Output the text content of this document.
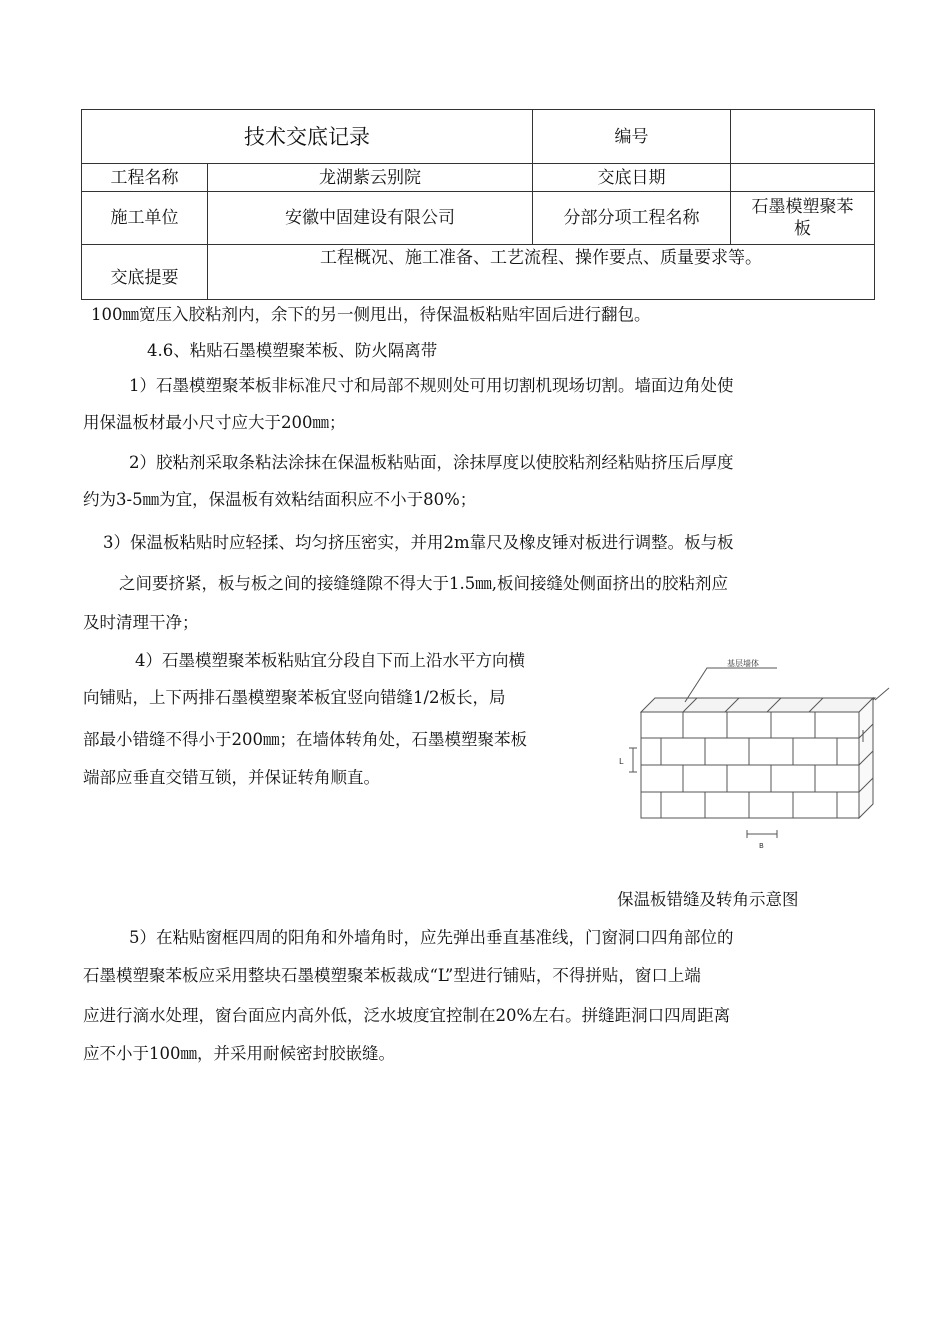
技术交底记录		编号	
工程名称	龙湖紫云别院	交底日期	
施工单位	安徽中固建设有限公司	分部分项工程名称	石墨模塑聚苯
板

交底提要	工程概况、施工准备、工艺流程、操作要点、质量要求等。		

100㎜宽压入胶粘剂内，余下的另一侧甩出，待保温板粘贴牢固后进行翻包。

4.6、粘贴石墨模塑聚苯板、防火隔离带

1）石墨模塑聚苯板非标准尺寸和局部不规则处可用切割机现场切割。墙面边角处使

用保温板材最小尺寸应大于200㎜；

2）胶粘剂采取条粘法涂抹在保温板粘贴面，涂抹厚度以使胶粘剂经粘贴挤压后厚度

约为3-5㎜为宜，保温板有效粘结面积应不小于80%；

3）保温板粘贴时应轻揉、均匀挤压密实，并用2m靠尺及橡皮锤对板进行调整。板与板

之间要挤紧，板与板之间的接缝缝隙不得大于1.5㎜,板间接缝处侧面挤出的胶粘剂应

及时清理干净；

4）石墨模塑聚苯板粘贴宜分段自下而上沿水平方向横

向铺贴，上下两排石墨模塑聚苯板宜竖向错缝1/2板长，局

部最小错缝不得小于200㎜；在墙体转角处，石墨模塑聚苯板

端部应垂直交错互锁，并保证转角顺直。

基层墙体
L
B
保温板错缝及转角示意图

5）在粘贴窗框四周的阳角和外墙角时，应先弹出垂直基准线，门窗洞口四角部位的

石墨模塑聚苯板应采用整块石墨模塑聚苯板裁成“L”型进行铺贴，不得拼贴，窗口上端

应进行滴水处理，窗台面应内高外低，泛水坡度宜控制在20%左右。拼缝距洞口四周距离

应不小于100㎜，并采用耐候密封胶嵌缝。
